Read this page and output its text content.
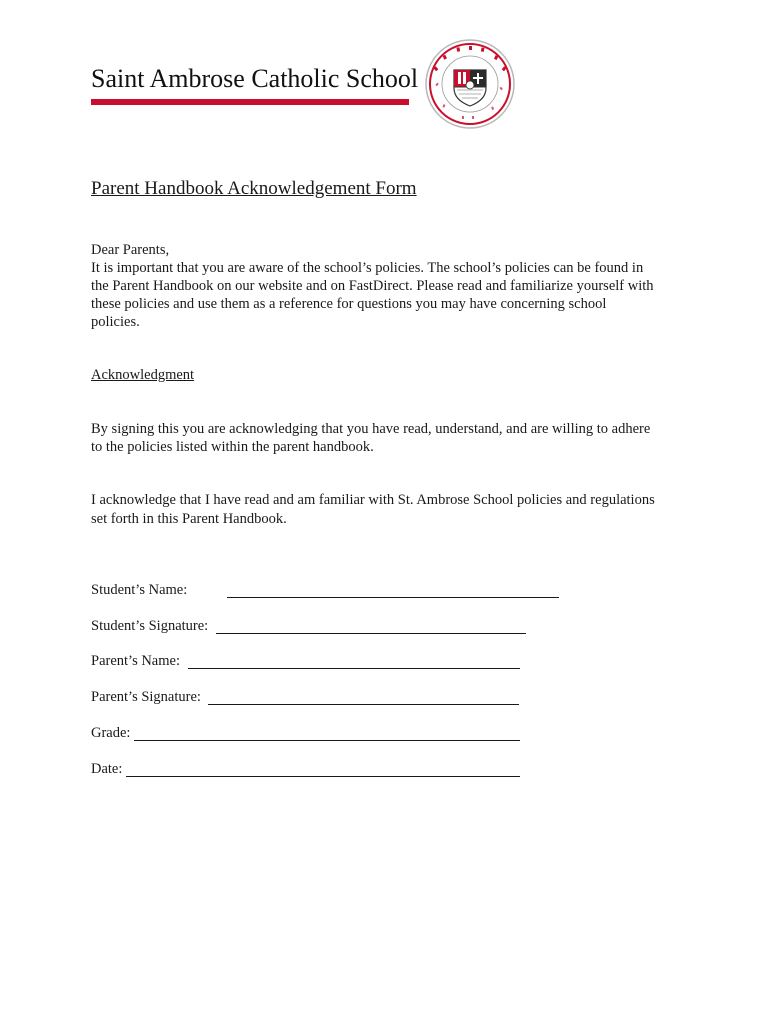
Saint Ambrose Catholic School
Parent Handbook Acknowledgement Form
Dear Parents,
It is important that you are aware of the school’s policies. The school’s policies can be found in
the Parent Handbook on our website and on FastDirect. Please read and familiarize yourself with
these policies and use them as a reference for questions you may have concerning school
policies.
Acknowledgment
By signing this you are acknowledging that you have read, understand, and are willing to adhere
to the policies listed within the parent handbook.
I acknowledge that I have read and am familiar with St. Ambrose School policies and regulations
set forth in this Parent Handbook.
Student’s Name:
Student’s Signature:
Parent’s Name:
Parent’s Signature:
Grade:
Date:
